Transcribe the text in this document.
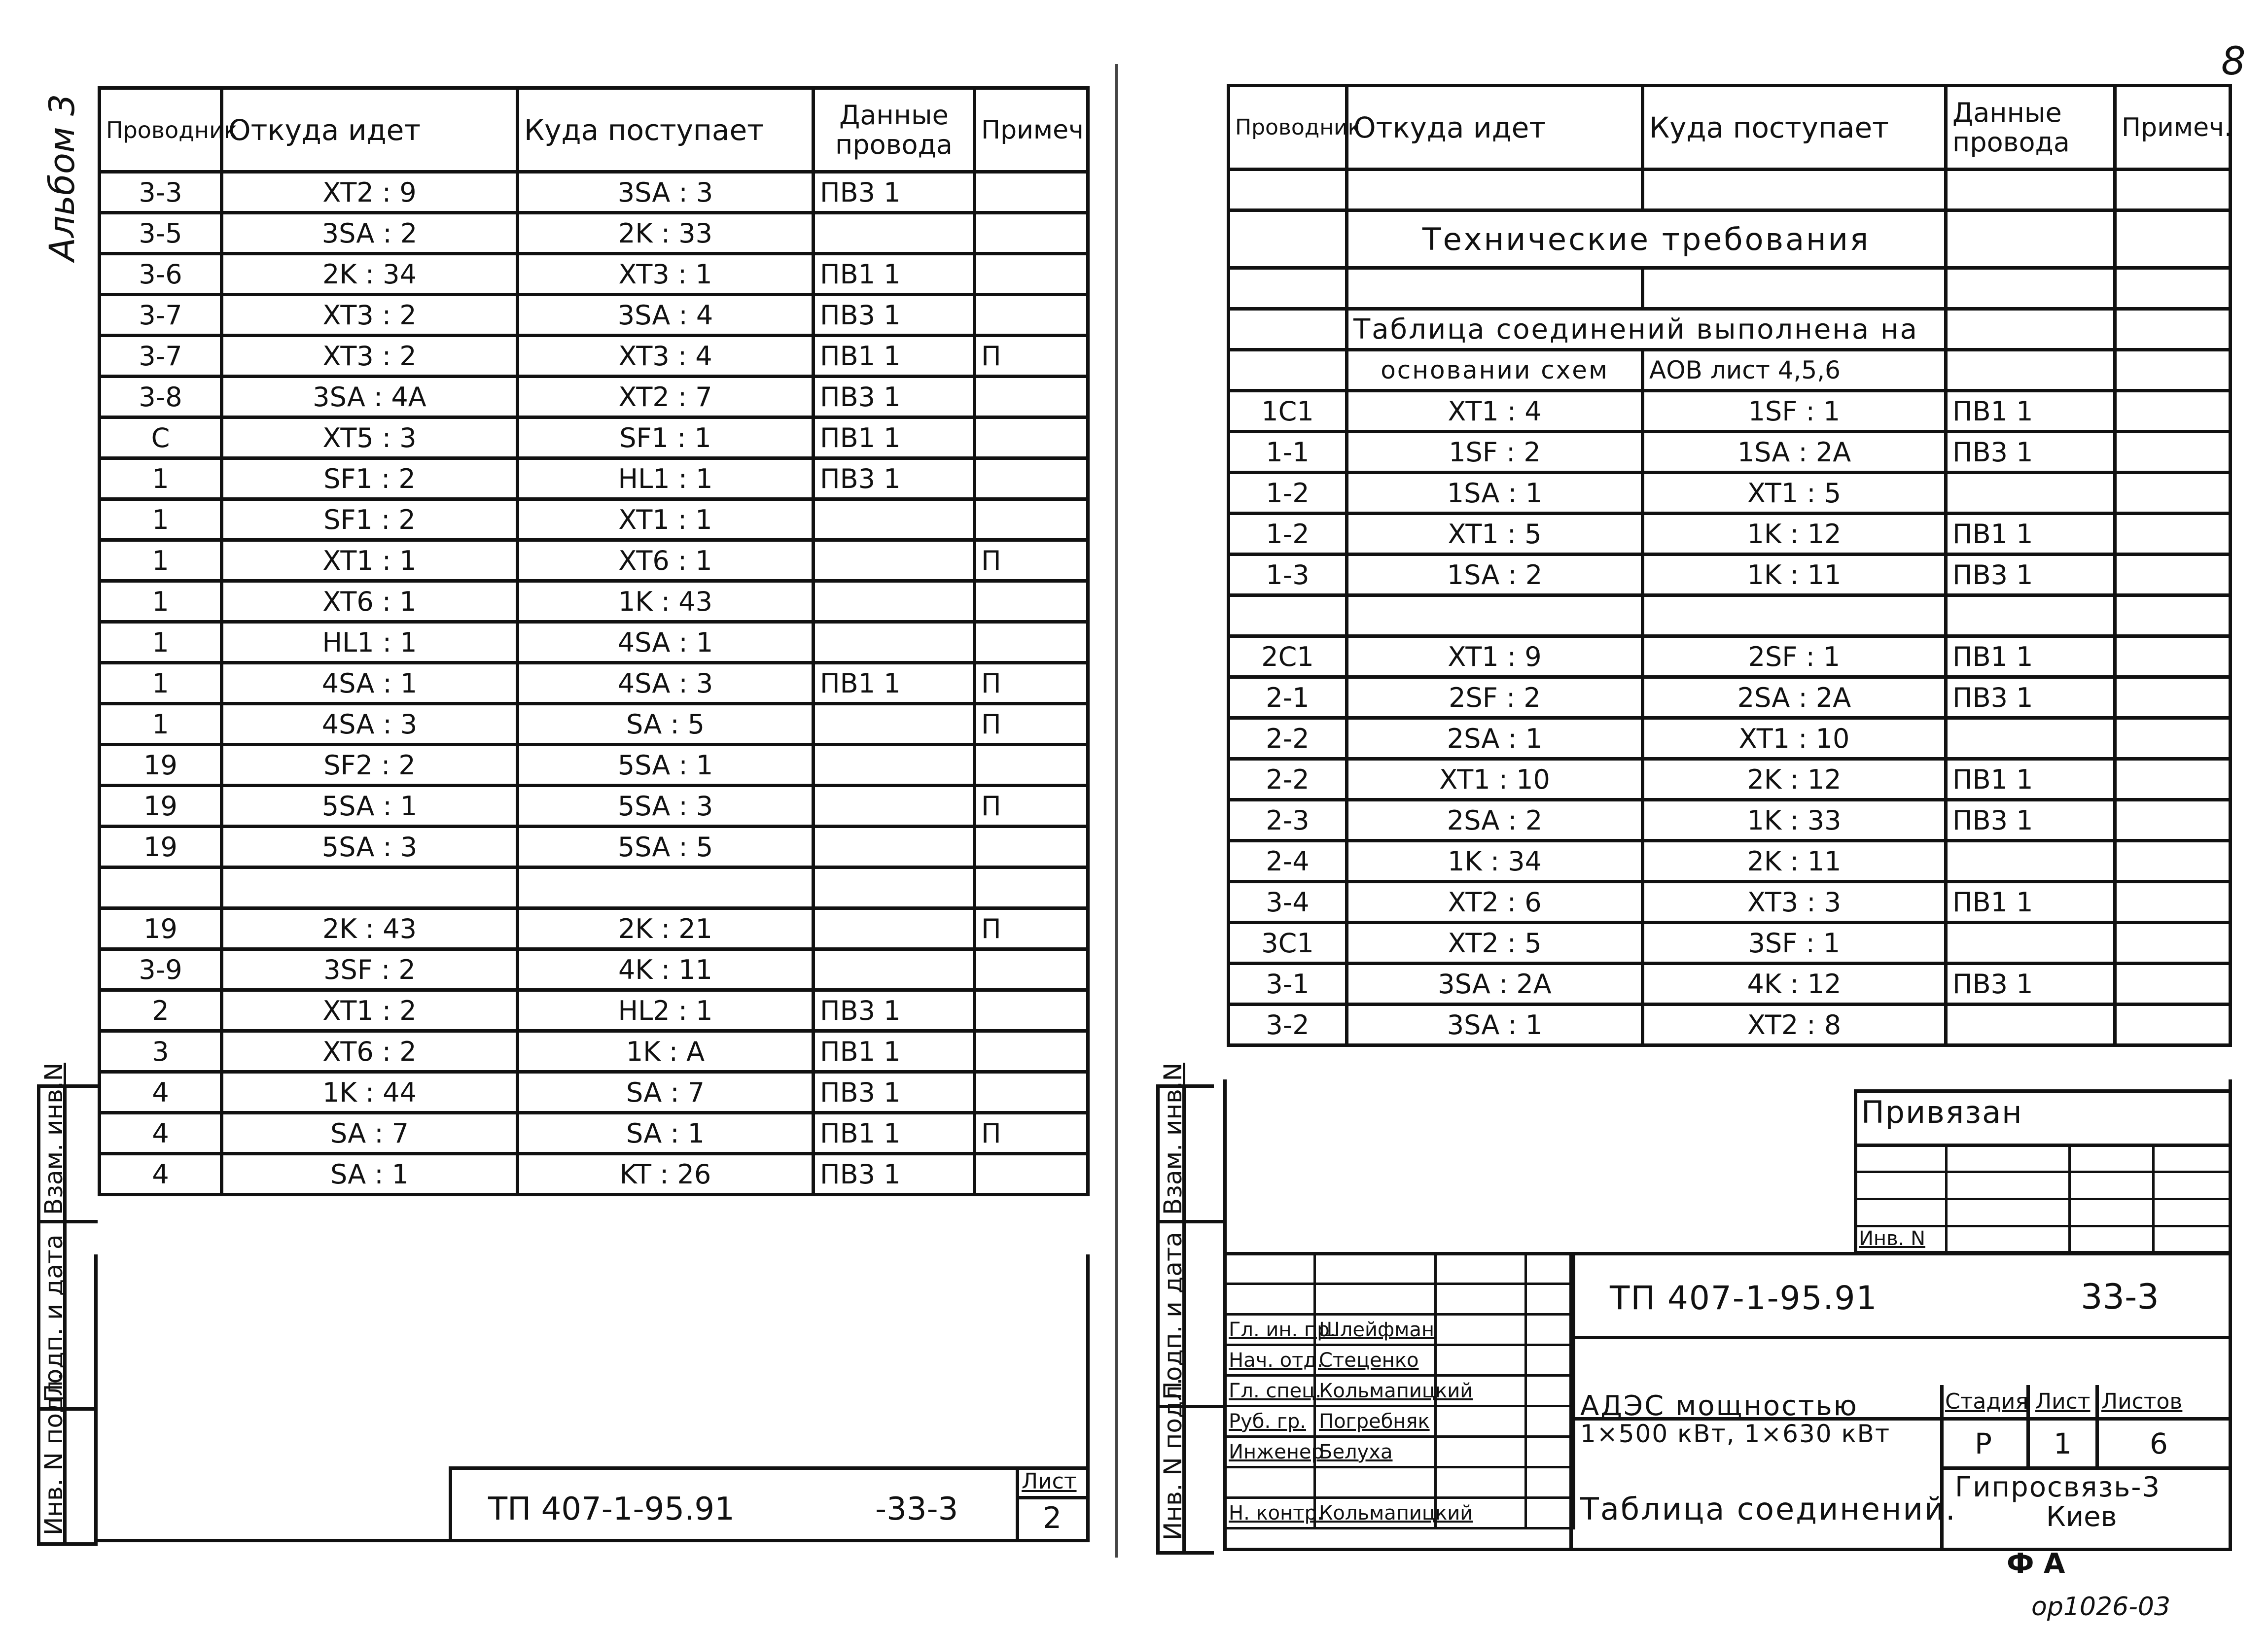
8
Альбом 3 Проводник	Откуда идет	Куда поступает	Данные провода	Примеч.
3-3	XT2 : 9	3SA : 3	ПВ3 1	
3-5	3SA : 2	2K : 33		
3-6	2K : 34	XT3 : 1	ПВ1 1	
3-7	XT3 : 2	3SA : 4	ПВ3 1	
3-7	XT3 : 2	XT3 : 4	ПВ1 1	П
3-8	3SA : 4A	XT2 : 7	ПВ3 1	
C	XT5 : 3	SF1 : 1	ПВ1 1	
1	SF1 : 2	HL1 : 1	ПВ3 1	
1	SF1 : 2	XT1 : 1		
1	XT1 : 1	XT6 : 1		П
1	XT6 : 1	1K : 43		
1	HL1 : 1	4SA : 1		
1	4SA : 1	4SA : 3	ПВ1 1	П
1	4SA : 3	SA : 5		П
19	SF2 : 2	5SA : 1		
19	5SA : 1	5SA : 3		П
19	5SA : 3	5SA : 5		

19	2K : 43	2K : 21		П
3-9	3SF : 2	4K : 11		
2	XT1 : 2	HL2 : 1	ПВ3 1	
3	XT6 : 2	1K : A	ПВ1 1	
4	1K : 44	SA : 7	ПВ3 1	
4	SA : 7	SA : 1	ПВ1 1	П
4	SA : 1	KT : 26	ПВ3 1	
Взам. инв.N
Подп. и дата
Инв. N подл.	ТП 407-1-95.91	-33-3
Лист
2
Проводник	Откуда идет	Куда поступает	Данные провода	Примеч.

	Технические требования			

	Таблица соединений выполнена на			
	основании схем	АОВ лист 4,5,6		
1C1	XT1 : 4	1SF : 1	ПВ1 1	
1-1	1SF : 2	1SA : 2A	ПВ3 1	
1-2	1SA : 1	XT1 : 5		
1-2	XT1 : 5	1K : 12	ПВ1 1	
1-3	1SA : 2	1K : 11	ПВ3 1	

2C1	XT1 : 9	2SF : 1	ПВ1 1	
2-1	2SF : 2	2SA : 2A	ПВ3 1	
2-2	2SA : 1	XT1 : 10		
2-2	XT1 : 10	2K : 12	ПВ1 1	
2-3	2SA : 2	1K : 33	ПВ3 1	
2-4	1K : 34	2K : 11		
3-4	XT2 : 6	XT3 : 3	ПВ1 1	
3C1	XT2 : 5	3SF : 1		
3-1	3SA : 2A	4K : 12	ПВ3 1	
3-2	3SA : 1	XT2 : 8		
Взам. инв.N
Подп. и дата
Инв. N подл.
Привязан
Инв. N
ТП 407-1-95.91	33-3

Гл. ин. пр.	Шлейфман		
Нач. отд.	Стеценко		
Гл. спец.	Кольмапицкий		
Руб. гр.	Погребняк		
Инженер	Белуха		

Н. контр.	Кольмапицкий		
АДЭС мощностью
1×500 кВт, 1×630 кВт
Стадия Лист Листов
Р 1	6
Таблица соединений.
Гипросвязь-3
Киев
Ф А
ор1026-03
